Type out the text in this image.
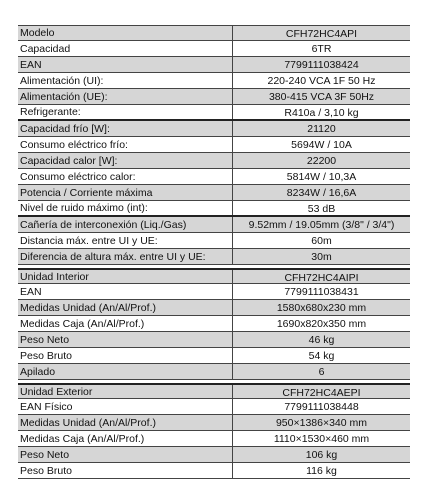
Modelo	CFH72HC4API
Capacidad	6TR
EAN	7799111038424
Alimentación (UI):	220-240 VCA 1F 50 Hz
Alimentación (UE):	380-415 VCA 3F 50Hz
Refrigerante:	R410a / 3,10 kg
Capacidad frío [W]:	21120
Consumo eléctrico frío:	5694W / 10A
Capacidad calor [W]:	22200
Consumo eléctrico calor:	5814W / 10,3A
Potencia / Corriente máxima	8234W / 16,6A
Nivel de ruido máximo (int):	53 dB
Cañería de interconexión (Liq./Gas)	9.52mm / 19.05mm (3/8" / 3/4")
Distancia máx. entre UI y UE:	60m
Diferencia de altura máx. entre UI y UE:	30m
Unidad Interior	CFH72HC4AIPI
EAN	7799111038431
Medidas Unidad (An/Al/Prof.)	1580x680x230 mm
Medidas Caja (An/Al/Prof.)	1690x820x350 mm
Peso Neto	46 kg
Peso Bruto	54 kg
Apilado	6
Unidad Exterior	CFH72HC4AEPI
EAN Físico	7799111038448
Medidas Unidad (An/Al/Prof.)	950×1386×340 mm
Medidas Caja (An/Al/Prof.)	1110×1530×460 mm
Peso Neto	106 kg
Peso Bruto	116 kg
